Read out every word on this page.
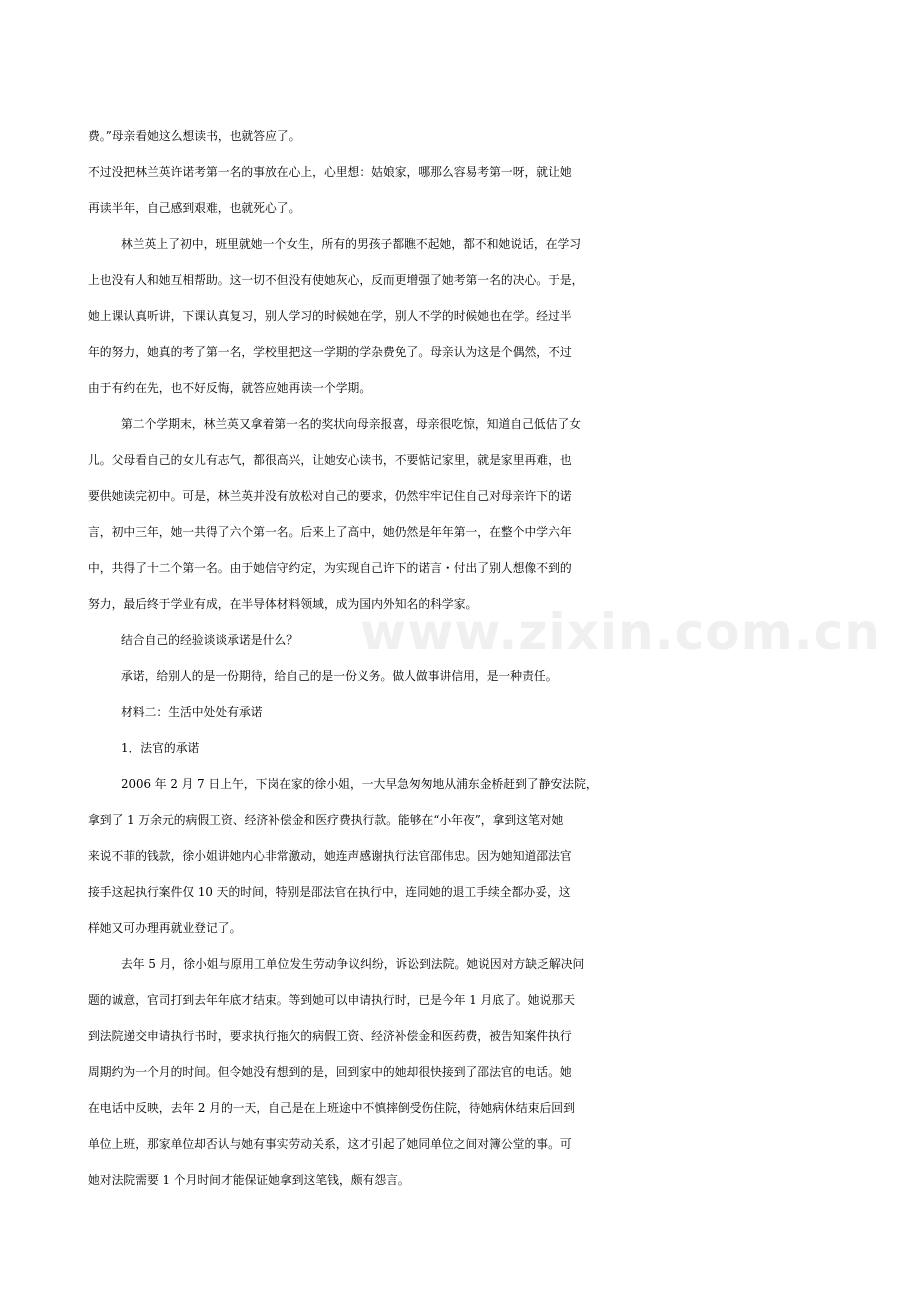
www.zixin.com.cn
费。”母亲看她这么想读书，也就答应了。
不过没把林兰英许诺考第一名的事放在心上，心里想：姑娘家，哪那么容易考第一呀，就让她
再读半年，自己感到艰难，也就死心了。
林兰英上了初中，班里就她一个女生，所有的男孩子都瞧不起她，都不和她说话，在学习
上也没有人和她互相帮助。这一切不但没有使她灰心，反而更增强了她考第一名的决心。于是，
她上课认真听讲，下课认真复习，别人学习的时候她在学，别人不学的时候她也在学。经过半
年的努力，她真的考了第一名，学校里把这一学期的学杂费免了。母亲认为这是个偶然，不过
由于有约在先，也不好反悔，就答应她再读一个学期。
第二个学期末，林兰英又拿着第一名的奖状向母亲报喜，母亲很吃惊，知道自己低估了女
儿。父母看自己的女儿有志气，都很高兴，让她安心读书，不要惦记家里，就是家里再难，也
要供她读完初中。可是，林兰英并没有放松对自己的要求，仍然牢牢记住自己对母亲许下的诺
言，初中三年，她一共得了六个第一名。后来上了高中，她仍然是年年第一，在整个中学六年
中，共得了十二个第一名。由于她信守约定，为实现自己许下的诺言・付出了别人想像不到的
努力，最后终于学业有成，在半导体材料领域，成为国内外知名的科学家。
结合自己的经验谈谈承诺是什么？
承诺，给别人的是一份期待，给自己的是一份义务。做人做事讲信用，是一种责任。
材料二：生活中处处有承诺
1．法官的承诺
2006 年 2 月 7 日上午，下岗在家的徐小姐，一大早急匆匆地从浦东金桥赶到了静安法院，
拿到了 1 万余元的病假工资、经济补偿金和医疗费执行款。能够在“小年夜”，拿到这笔对她
来说不菲的钱款，徐小姐讲她内心非常激动，她连声感谢执行法官邵伟忠。因为她知道邵法官
接手这起执行案件仅 10 天的时间，特别是邵法官在执行中，连同她的退工手续全都办妥，这
样她又可办理再就业登记了。
去年 5 月，徐小姐与原用工单位发生劳动争议纠纷，诉讼到法院。她说因对方缺乏解决问
题的诚意，官司打到去年年底才结束。等到她可以申请执行时，已是今年 1 月底了。她说那天
到法院递交申请执行书时，要求执行拖欠的病假工资、经济补偿金和医药费，被告知案件执行
周期约为一个月的时间。但令她没有想到的是，回到家中的她却很快接到了邵法官的电话。她
在电话中反映，去年 2 月的一天，自己是在上班途中不慎摔倒受伤住院，待她病休结束后回到
单位上班，那家单位却否认与她有事实劳动关系，这才引起了她同单位之间对簿公堂的事。可
她对法院需要 1 个月时间才能保证她拿到这笔钱，颇有怨言。
